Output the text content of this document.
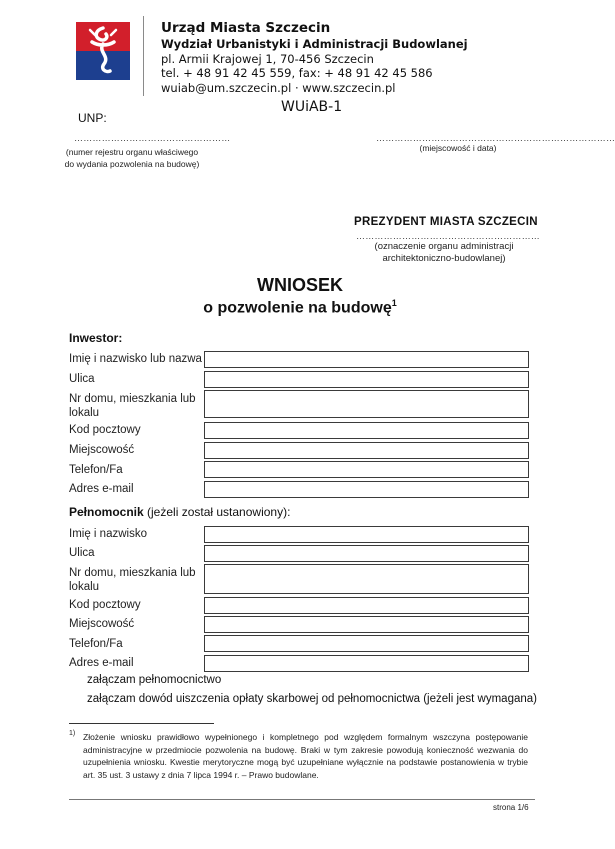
Urząd Miasta Szczecin
Wydział Urbanistyki i Administracji Budowlanej
pl. Armii Krajowej 1, 70-456 Szczecin
tel. + 48 91 42 45 559, fax: + 48 91 42 45 586
wuiab@um.szczecin.pl · www.szczecin.pl
WUiAB-1
UNP:
……………………………………………
(numer rejestru organu właściwego do wydania pozwolenia na budowę)
……………………………………………………………………
(miejscowość i data)
PREZYDENT MIASTA SZCZECIN
……………………………………………………
(oznaczenie organu administracji architektoniczno-budowlanej)
WNIOSEK
o pozwolenie na budowę$^1$
Inwestor:
Imię i nazwisko lub nazwa
Ulica
Nr domu, mieszkania lub lokalu
Kod pocztowy
Miejscowość
Telefon/Fa
Adres e-mail
Pełnomocnik (jeżeli został ustanowiony):
Imię i nazwisko
Ulica
Nr domu, mieszkania lub lokalu
Kod pocztowy
Miejscowość
Telefon/Fa
Adres e-mail
załączam pełnomocnictwo
załączam dowód uiszczenia opłaty skarbowej od pełnomocnictwa (jeżeli jest wymagana)
1) Złożenie wniosku prawidłowo wypełnionego i kompletnego pod względem formalnym wszczyna postępowanie administracyjne w przedmiocie pozwolenia na budowę. Braki w tym zakresie powodują konieczność wezwania do uzupełnienia wniosku. Kwestie merytoryczne mogą być uzupełniane wyłącznie na podstawie postanowienia w trybie art. 35 ust. 3 ustawy z dnia 7 lipca 1994 r. – Prawo budowlane.
strona 1/6
